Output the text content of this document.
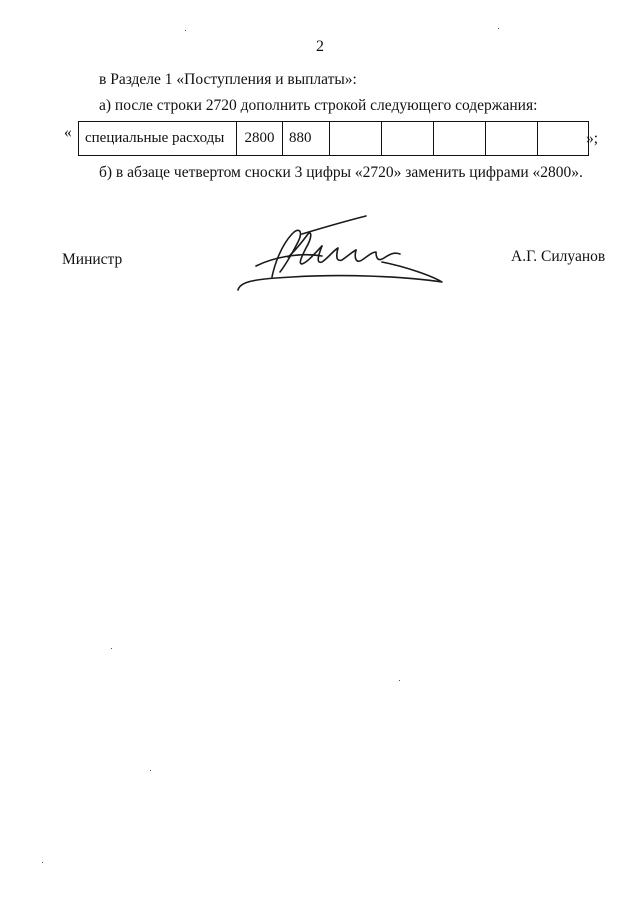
2
в Разделе 1 «Поступления и выплаты»:
а) после строки 2720 дополнить строкой следующего содержания:
« специальные расходы	2800	880						»;
б) в абзаце четвертом сноски 3 цифры «2720» заменить цифрами «2800».
Министр	А.Г. Силуанов
